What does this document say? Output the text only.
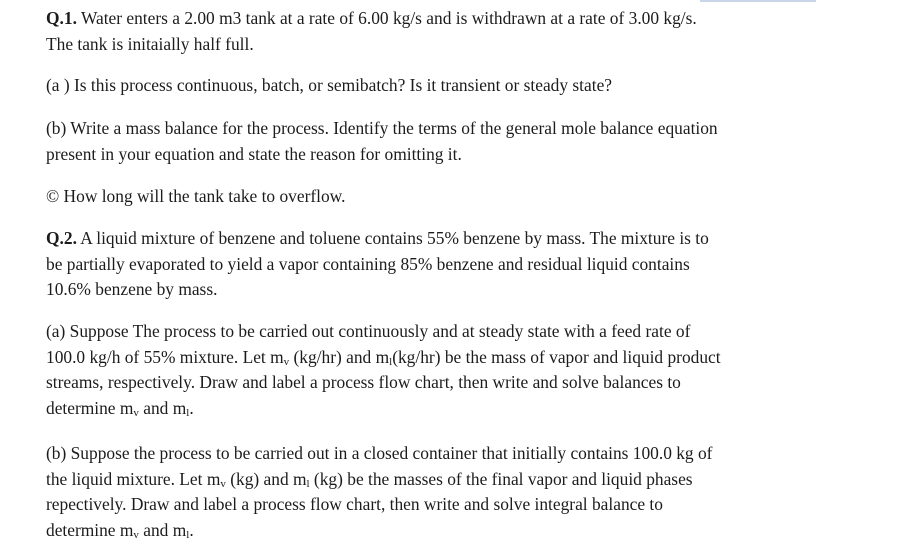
Q.1. Water enters a 2.00 m3 tank at a rate of 6.00 kg/s and is withdrawn at a rate of 3.00 kg/s.
The tank is initaially half full.

(a ) Is this process continuous, batch, or semibatch? Is it transient or steady state?

(b) Write a mass balance for the process. Identify the terms of the general mole balance equation
present in your equation and state the reason for omitting it.

© How long will the tank take to overflow.

Q.2. A liquid mixture of benzene and toluene contains 55% benzene by mass. The mixture is to
be partially evaporated to yield a vapor containing 85% benzene and residual liquid contains
10.6% benzene by mass.

(a) Suppose The process to be carried out continuously and at steady state with a feed rate of
100.0 kg/h of 55% mixture. Let $m_v$ (kg/hr) and $m_l(kg/hr)$ be the mass of vapor and liquid product
streams, respectively. Draw and label a process flow chart, then write and solve balances to
determine $m_v$ and $m_l$.

(b) Suppose the process to be carried out in a closed container that initially contains 100.0 kg of
the liquid mixture. Let $m_v$ (kg) and $m_l$ (kg) be the masses of the final vapor and liquid phases
repectively. Draw and label a process flow chart, then write and solve integral balance to
determine $m_v$ and $m_l$.
